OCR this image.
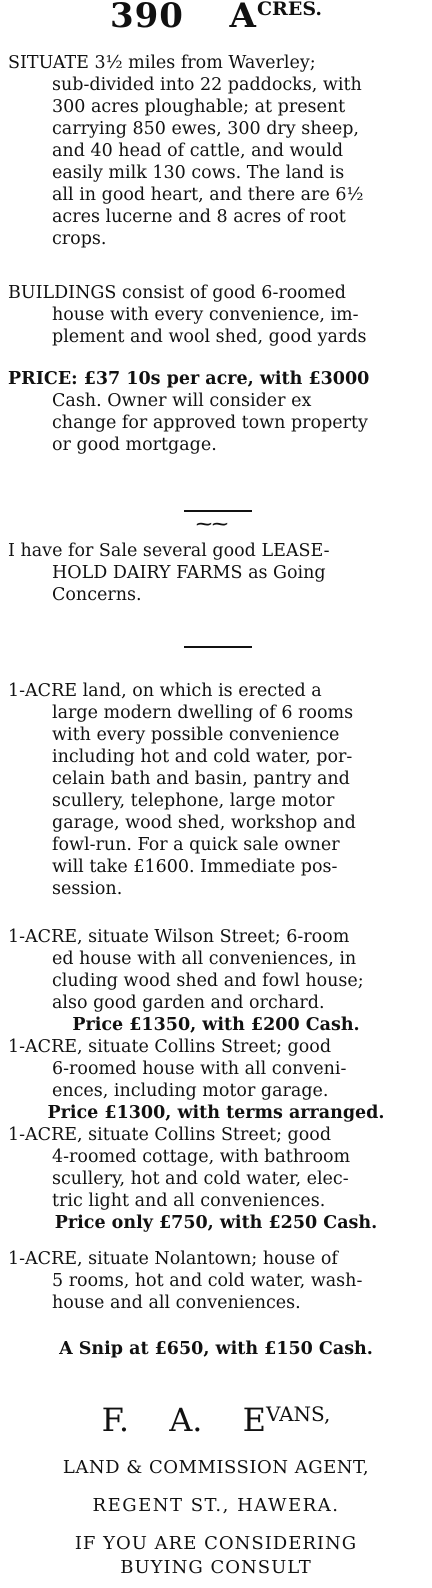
390 ACRES.
SITUATE 3½ miles from Waverley;
sub-divided into 22 paddocks, with
300 acres ploughable; at present
carrying 850 ewes, 300 dry sheep,
and 40 head of cattle, and would
easily milk 130 cows. The land is
all in good heart, and there are 6½
acres lucerne and 8 acres of root
crops.
BUILDINGS consist of good 6-roomed
house with every convenience, im-
plement and wool shed, good yards
PRICE: £37 10s per acre, with £3000
Cash. Owner will consider ex
change for approved town property
or good mortgage.
⁓⁓
I have for Sale several good LEASE-
HOLD DAIRY FARMS as Going
Concerns.
1-ACRE land, on which is erected a
large modern dwelling of 6 rooms
with every possible convenience
including hot and cold water, por-
celain bath and basin, pantry and
scullery, telephone, large motor
garage, wood shed, workshop and
fowl-run. For a quick sale owner
will take £1600. Immediate pos-
session.
1-ACRE, situate Wilson Street; 6-room
ed house with all conveniences, in
cluding wood shed and fowl house;
also good garden and orchard.
Price £1350, with £200 Cash.
1-ACRE, situate Collins Street; good
6-roomed house with all conveni-
ences, including motor garage.
Price £1300, with terms arranged.
1-ACRE, situate Collins Street; good
4-roomed cottage, with bathroom
scullery, hot and cold water, elec-
tric light and all conveniences.
Price only £750, with £250 Cash.
1-ACRE, situate Nolantown; house of
5 rooms, hot and cold water, wash-
house and all conveniences.
A Snip at £650, with £150 Cash.
F. A. $E^{VANS,}$
LAND & COMMISSION AGENT,
REGENT ST., HAWERA.
IF YOU ARE CONSIDERING
BUYING CONSULT
